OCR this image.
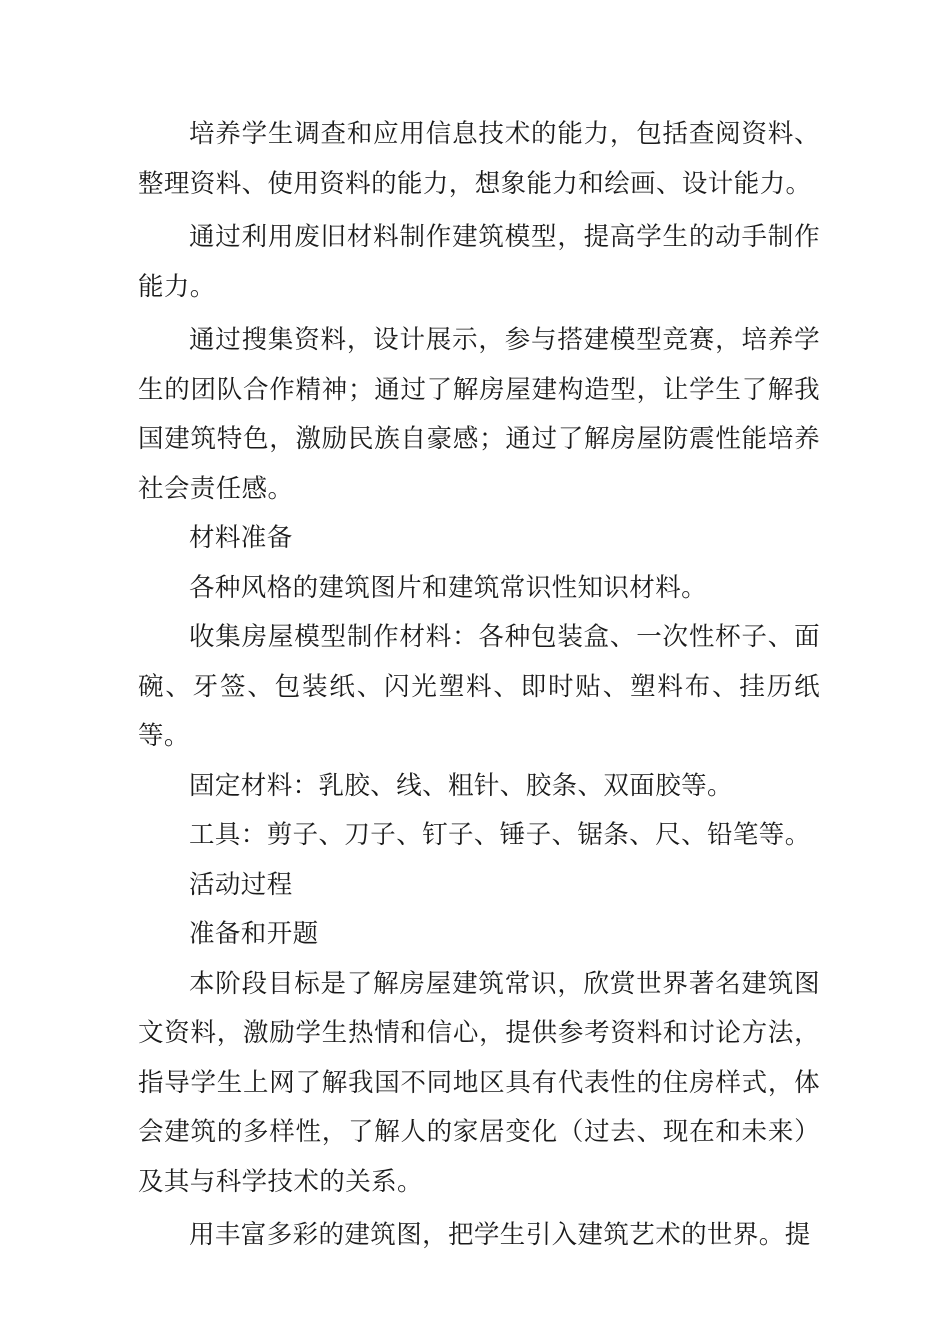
培养学生调查和应用信息技术的能力，包括查阅资料、整理资料、使用资料的能力，想象能力和绘画、设计能力。

通过利用废旧材料制作建筑模型，提高学生的动手制作能力。

通过搜集资料，设计展示，参与搭建模型竞赛，培养学生的团队合作精神；通过了解房屋建构造型，让学生了解我国建筑特色，激励民族自豪感；通过了解房屋防震性能培养社会责任感。

材料准备

各种风格的建筑图片和建筑常识性知识材料。

收集房屋模型制作材料：各种包装盒、一次性杯子、面碗、牙签、包装纸、闪光塑料、即时贴、塑料布、挂历纸等。

固定材料：乳胶、线、粗针、胶条、双面胶等。

工具：剪子、刀子、钉子、锤子、锯条、尺、铅笔等。

活动过程

准备和开题

本阶段目标是了解房屋建筑常识，欣赏世界著名建筑图文资料，激励学生热情和信心，提供参考资料和讨论方法，指导学生上网了解我国不同地区具有代表性的住房样式，体会建筑的多样性，了解人的家居变化（过去、现在和未来）及其与科学技术的关系。

用丰富多彩的建筑图，把学生引入建筑艺术的世界。提
